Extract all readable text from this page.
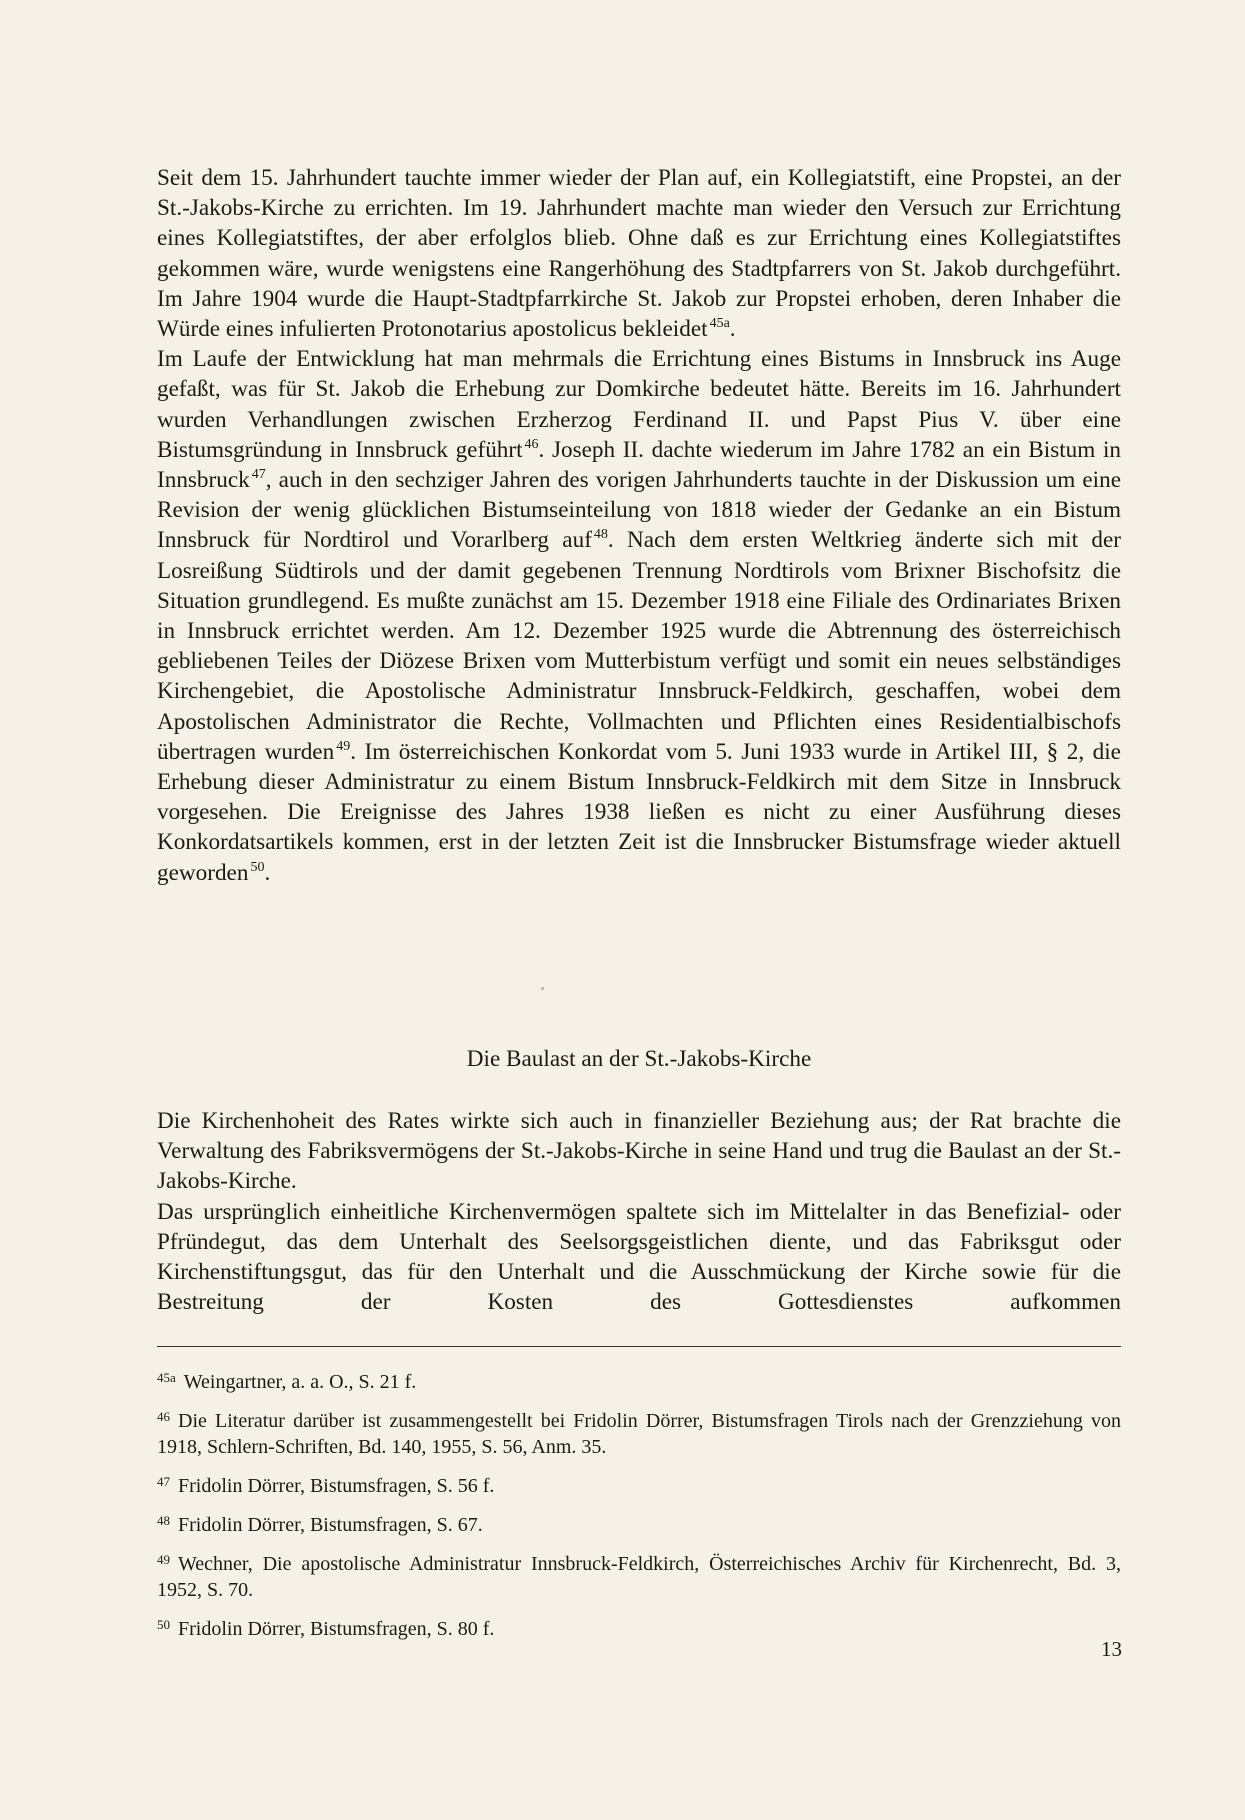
Seit dem 15. Jahrhundert tauchte immer wieder der Plan auf, ein Kollegiatstift, eine Propstei, an der St.-Jakobs-Kirche zu errichten. Im 19. Jahrhundert machte man wieder den Versuch zur Errichtung eines Kollegiatstiftes, der aber erfolglos blieb. Ohne daß es zur Errichtung eines Kollegiatstiftes gekommen wäre, wurde wenigstens eine Rangerhöhung des Stadtpfarrers von St. Jakob durchgeführt. Im Jahre 1904 wurde die Haupt-Stadtpfarrkirche St. Jakob zur Propstei erhoben, deren Inhaber die Würde eines infulierten Protonotarius apostolicus bekleidet $^{45a}$.

Im Laufe der Entwicklung hat man mehrmals die Errichtung eines Bistums in Innsbruck ins Auge gefaßt, was für St. Jakob die Erhebung zur Domkirche bedeutet hätte. Bereits im 16. Jahrhundert wurden Verhandlungen zwischen Erzherzog Ferdinand II. und Papst Pius V. über eine Bistumsgründung in Innsbruck geführt $^{46}$. Joseph II. dachte wiederum im Jahre 1782 an ein Bistum in Innsbruck $^{47}$, auch in den sechziger Jahren des vorigen Jahrhunderts tauchte in der Diskussion um eine Revision der wenig glücklichen Bistumseinteilung von 1818 wieder der Gedanke an ein Bistum Innsbruck für Nordtirol und Vorarlberg auf $^{48}$. Nach dem ersten Weltkrieg änderte sich mit der Losreißung Südtirols und der damit gegebenen Trennung Nordtirols vom Brixner Bischofsitz die Situation grundlegend. Es mußte zunächst am 15. Dezember 1918 eine Filiale des Ordinariates Brixen in Innsbruck errichtet werden. Am 12. Dezember 1925 wurde die Abtrennung des österreichisch gebliebenen Teiles der Diözese Brixen vom Mutterbistum verfügt und somit ein neues selbständiges Kirchengebiet, die Apostolische Administratur Innsbruck-Feldkirch, geschaffen, wobei dem Apostolischen Administrator die Rechte, Vollmachten und Pflichten eines Residentialbischofs übertragen wurden $^{49}$. Im österreichischen Konkordat vom 5. Juni 1933 wurde in Artikel III, § 2, die Erhebung dieser Administratur zu einem Bistum Innsbruck-Feldkirch mit dem Sitze in Innsbruck vorgesehen. Die Ereignisse des Jahres 1938 ließen es nicht zu einer Ausführung dieses Konkordatsartikels kommen, erst in der letzten Zeit ist die Innsbrucker Bistumsfrage wieder aktuell geworden $^{50}$.

Die Baulast an der St.-Jakobs-Kirche

Die Kirchenhoheit des Rates wirkte sich auch in finanzieller Beziehung aus; der Rat brachte die Verwaltung des Fabriksvermögens der St.-Jakobs-Kirche in seine Hand und trug die Baulast an der St.-Jakobs-Kirche.

Das ursprünglich einheitliche Kirchenvermögen spaltete sich im Mittelalter in das Benefizial- oder Pfründegut, das dem Unterhalt des Seelsorgsgeistlichen diente, und das Fabriksgut oder Kirchenstiftungsgut, das für den Unterhalt und die Ausschmückung der Kirche sowie für die Bestreitung der Kosten des Gottesdienstes aufkommen

$^{45a}$ Weingartner, a. a. O., S. 21 f.
$^{46}$ Die Literatur darüber ist zusammengestellt bei Fridolin Dörrer, Bistumsfragen Tirols nach der Grenzziehung von 1918, Schlern-Schriften, Bd. 140, 1955, S. 56, Anm. 35.
$^{47}$ Fridolin Dörrer, Bistumsfragen, S. 56 f.
$^{48}$ Fridolin Dörrer, Bistumsfragen, S. 67.
$^{49}$ Wechner, Die apostolische Administratur Innsbruck-Feldkirch, Österreichisches Archiv für Kirchenrecht, Bd. 3, 1952, S. 70.
$^{50}$ Fridolin Dörrer, Bistumsfragen, S. 80 f.
13
